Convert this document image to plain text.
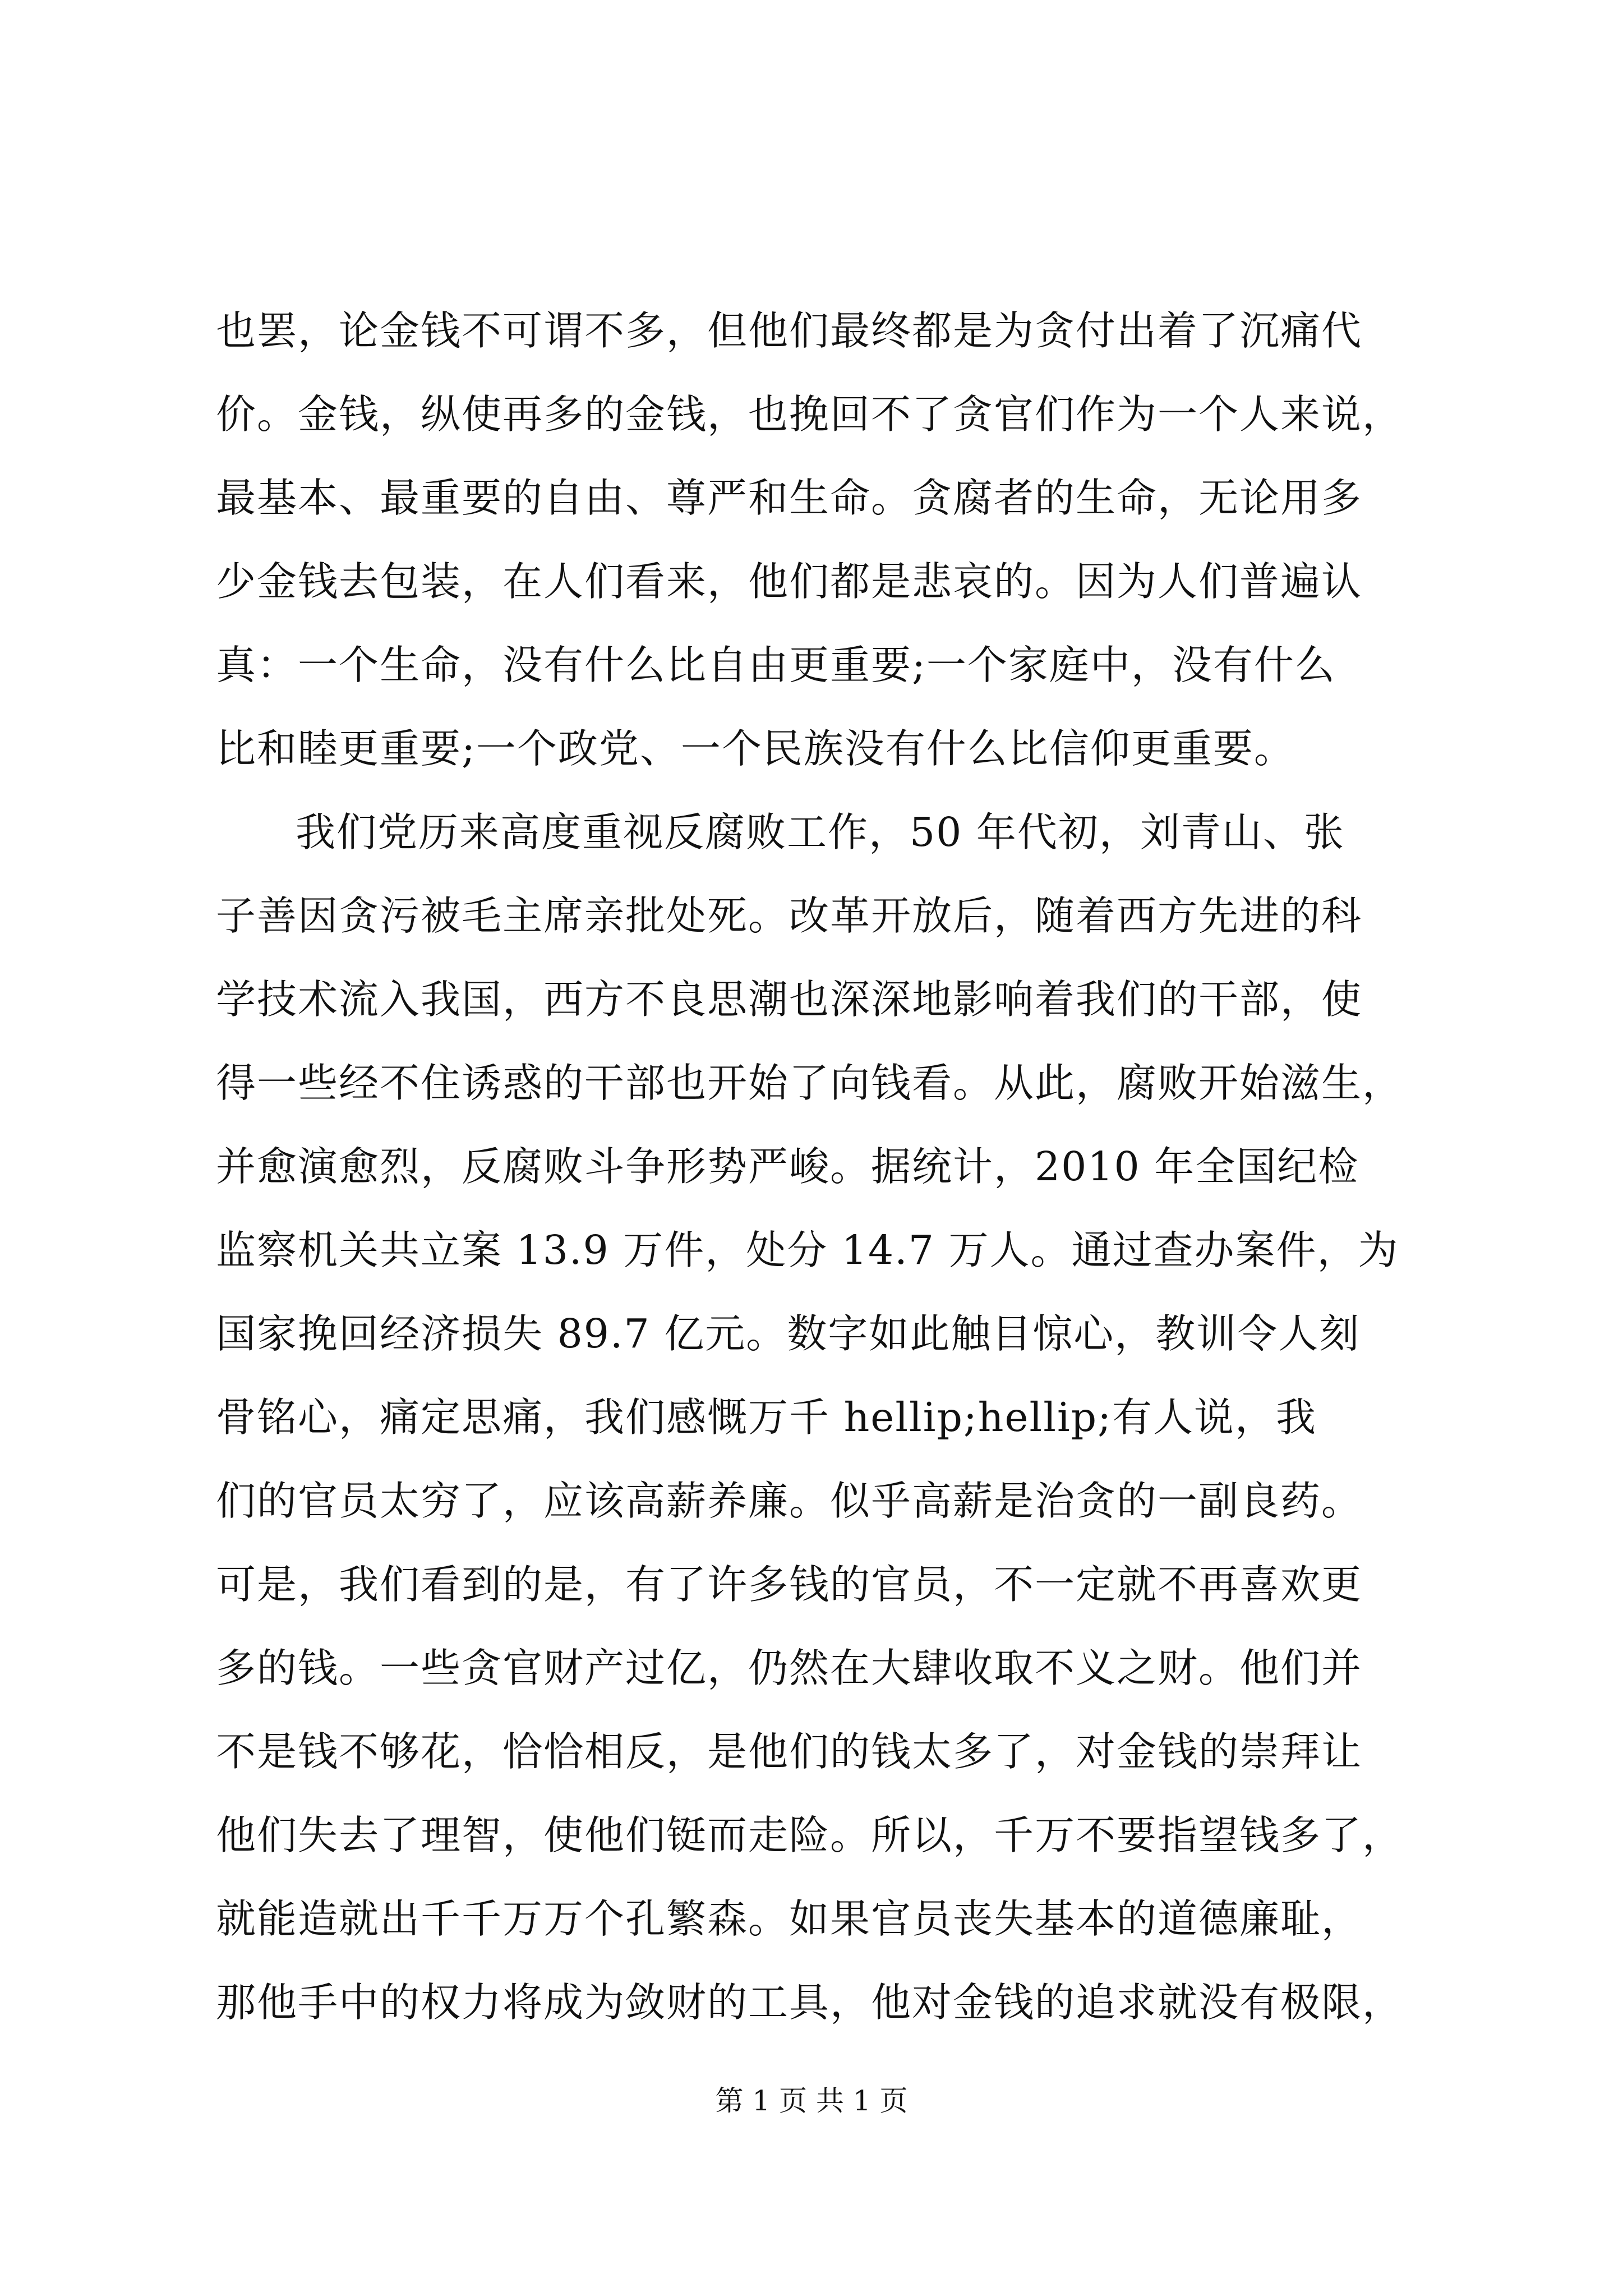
也罢，论金钱不可谓不多，但他们最终都是为贪付出着了沉痛代
价。金钱，纵使再多的金钱，也挽回不了贪官们作为一个人来说，
最基本、最重要的自由、尊严和生命。贪腐者的生命，无论用多
少金钱去包装，在人们看来，他们都是悲哀的。因为人们普遍认
真：一个生命，没有什么比自由更重要;一个家庭中，没有什么
比和睦更重要;一个政党、一个民族没有什么比信仰更重要。
我们党历来高度重视反腐败工作，50 年代初，刘青山、张
子善因贪污被毛主席亲批处死。改革开放后，随着西方先进的科
学技术流入我国，西方不良思潮也深深地影响着我们的干部，使
得一些经不住诱惑的干部也开始了向钱看。从此，腐败开始滋生，
并愈演愈烈，反腐败斗争形势严峻。据统计，2010 年全国纪检
监察机关共立案 13.9 万件，处分 14.7 万人。通过查办案件，为
国家挽回经济损失 89.7 亿元。数字如此触目惊心，教训令人刻
骨铭心，痛定思痛，我们感慨万千 hellip;hellip;有人说，我
们的官员太穷了，应该高薪养廉。似乎高薪是治贪的一副良药。
可是，我们看到的是，有了许多钱的官员，不一定就不再喜欢更
多的钱。一些贪官财产过亿，仍然在大肆收取不义之财。他们并
不是钱不够花，恰恰相反，是他们的钱太多了，对金钱的崇拜让
他们失去了理智，使他们铤而走险。所以，千万不要指望钱多了，
就能造就出千千万万个孔繁森。如果官员丧失基本的道德廉耻，
那他手中的权力将成为敛财的工具，他对金钱的追求就没有极限，
第 1 页 共 1 页
